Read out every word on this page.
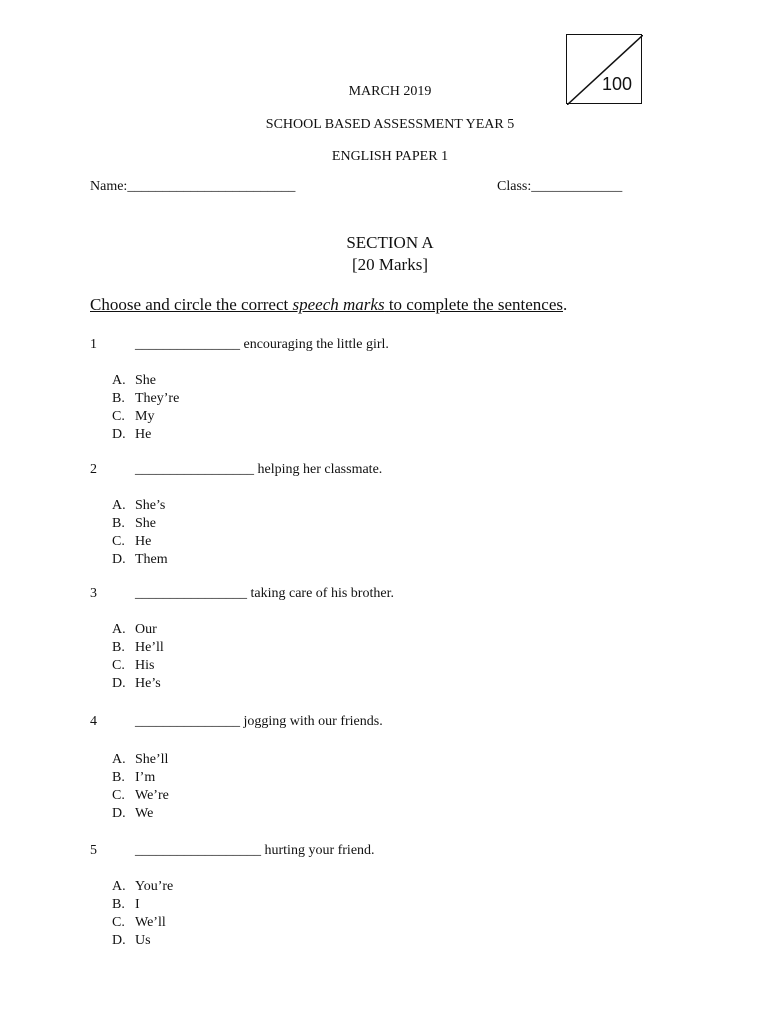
100
MARCH 2019
SCHOOL BASED ASSESSMENT YEAR 5
ENGLISH PAPER 1
Name:________________________	Class:_____________
SECTION A
[20 Marks]
Choose and circle the correct speech marks to complete the sentences.
1	_______________ encouraging the little girl.
A. She
B. They’re
C. My
D. He
2	_________________ helping her classmate.
A. She’s
B. She
C. He
D. Them
3	________________ taking care of his brother.
A. Our
B. He’ll
C. His
D. He’s
4	_______________ jogging with our friends.
A. She’ll
B. I’m
C. We’re
D. We
5	__________________ hurting your friend.
A. You’re
B. I
C. We’ll
D. Us
